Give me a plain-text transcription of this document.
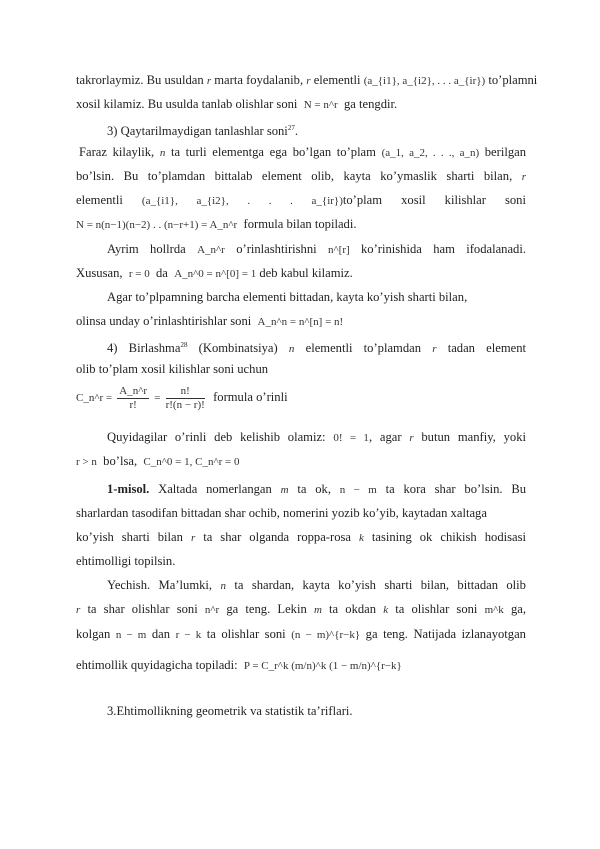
takrorlaymiz. Bu usuldan r marta foydalanib, r elementli (a_{i1}, a_{i2}, . . . a_{ir}) to’plamni
xosil kilamiz. Bu usulda tanlab olishlar soni N = n^r ga tengdir.
3) Qaytarilmaydigan tanlashlar soni$^{27}$.
Faraz kilaylik, n ta turli elementga ega bo’lgan to’plam (a_1, a_2, . . ., a_n) berilgan
bo’lsin. Bu to’plamdan bittalab element olib, kayta ko’ymaslik sharti bilan, r
elementli (a_{i1}, a_{i2}, . . . a_{ir})to’plam xosil kilishlar soni
N = n(n−1)(n−2) . . (n−r+1) = A_n^r formula bilan topiladi.
Ayrim hollrda A_n^r o’rinlashtirishni n^[r] ko’rinishida ham ifodalanadi.
Xususan, r = 0 da A_n^0 = n^[0] = 1 deb kabul kilamiz.
Agar to’plpamning barcha elementi bittadan, kayta ko’yish sharti bilan,
olinsa unday o’rinlashtirishlar soni A_n^n = n^[n] = n!
4) Birlashma$^{28}$ (Kombinatsiya) n elementli to’plamdan r tadan element
olib to’plam xosil kilishlar soni uchun
C_n^r = $\frac{A\_n\^{}r}{r!} = \frac{n!}{r!(n - r)!}$ formula o’rinli
Quyidagilar o’rinli deb kelishib olamiz: 0! = 1, agar r butun manfiy, yoki
r > n bo’lsa, C_n^0 = 1, C_n^r = 0
1-misol. Xaltada nomerlangan m ta ok, n − m ta kora shar bo’lsin. Bu
sharlardan tasodifan bittadan shar ochib, nomerini yozib ko’yib, kaytadan xaltaga
ko’yish sharti bilan r ta shar olganda roppa-rosa k tasining ok chikish hodisasi
ehtimolligi topilsin.
Yechish. Ma’lumki, n ta shardan, kayta ko’yish sharti bilan, bittadan olib
r ta shar olishlar soni n^r ga teng. Lekin m ta okdan k ta olishlar soni m^k ga,
kolgan n − m dan r − k ta olishlar soni (n − m)^{r−k} ga teng. Natijada izlanayotgan
ehtimollik quyidagicha topiladi: P = C_r^k (m/n)^k (1 − m/n)^{r−k}
3.Ehtimollikning geometrik va statistik ta’riflari.
